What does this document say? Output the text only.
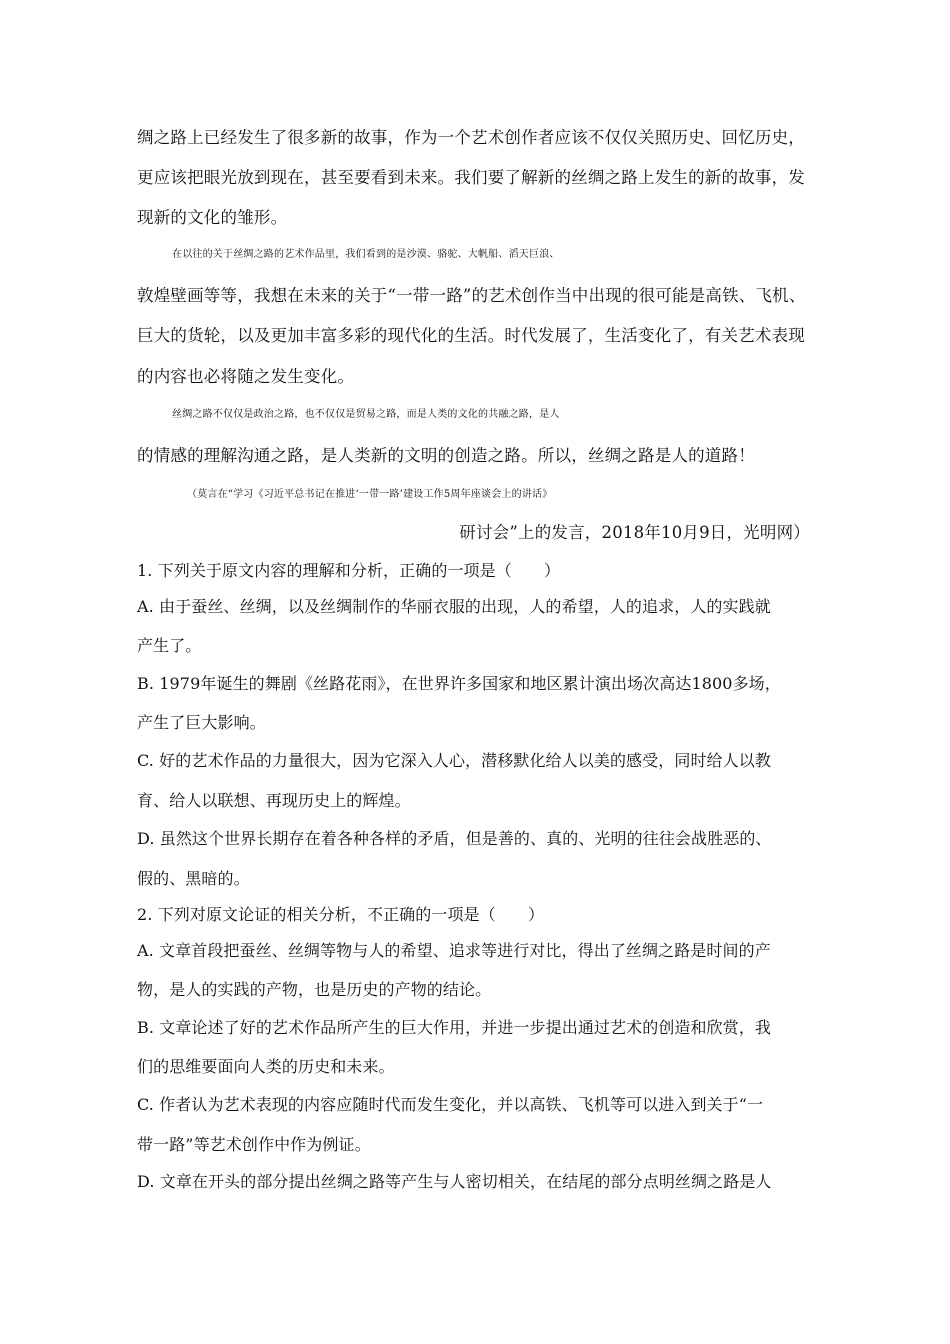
绸之路上已经发生了很多新的故事，作为一个艺术创作者应该不仅仅关照历史、回忆历史，
更应该把眼光放到现在，甚至要看到未来。我们要了解新的丝绸之路上发生的新的故事，发
现新的文化的雏形。
在以往的关于丝绸之路的艺术作品里，我们看到的是沙漠、骆驼、大帆船、滔天巨浪、
敦煌壁画等等，我想在未来的关于“一带一路”的艺术创作当中出现的很可能是高铁、飞机、
巨大的货轮，以及更加丰富多彩的现代化的生活。时代发展了，生活变化了，有关艺术表现
的内容也必将随之发生变化。
丝绸之路不仅仅是政治之路，也不仅仅是贸易之路，而是人类的文化的共融之路，是人
的情感的理解沟通之路，是人类新的文明的创造之路。所以，丝绸之路是人的道路！
（莫言在“学习《习近平总书记在推进‘一带一路’建设工作5周年座谈会上的讲话》
研讨会”上的发言，2018年10月9日，光明网）
1. 下列关于原文内容的理解和分析，正确的一项是（　　）
A. 由于蚕丝、丝绸，以及丝绸制作的华丽衣服的出现，人的希望，人的追求，人的实践就
产生了。
B. 1979年诞生的舞剧《丝路花雨》，在世界许多国家和地区累计演出场次高达1800多场，
产生了巨大影响。
C. 好的艺术作品的力量很大，因为它深入人心，潜移默化给人以美的感受，同时给人以教
育、给人以联想、再现历史上的辉煌。
D. 虽然这个世界长期存在着各种各样的矛盾，但是善的、真的、光明的往往会战胜恶的、
假的、黑暗的。
2. 下列对原文论证的相关分析，不正确的一项是（　　）
A. 文章首段把蚕丝、丝绸等物与人的希望、追求等进行对比，得出了丝绸之路是时间的产
物，是人的实践的产物，也是历史的产物的结论。
B. 文章论述了好的艺术作品所产生的巨大作用，并进一步提出通过艺术的创造和欣赏，我
们的思维要面向人类的历史和未来。
C. 作者认为艺术表现的内容应随时代而发生变化，并以高铁、飞机等可以进入到关于“一
带一路”等艺术创作中作为例证。
D. 文章在开头的部分提出丝绸之路等产生与人密切相关，在结尾的部分点明丝绸之路是人
